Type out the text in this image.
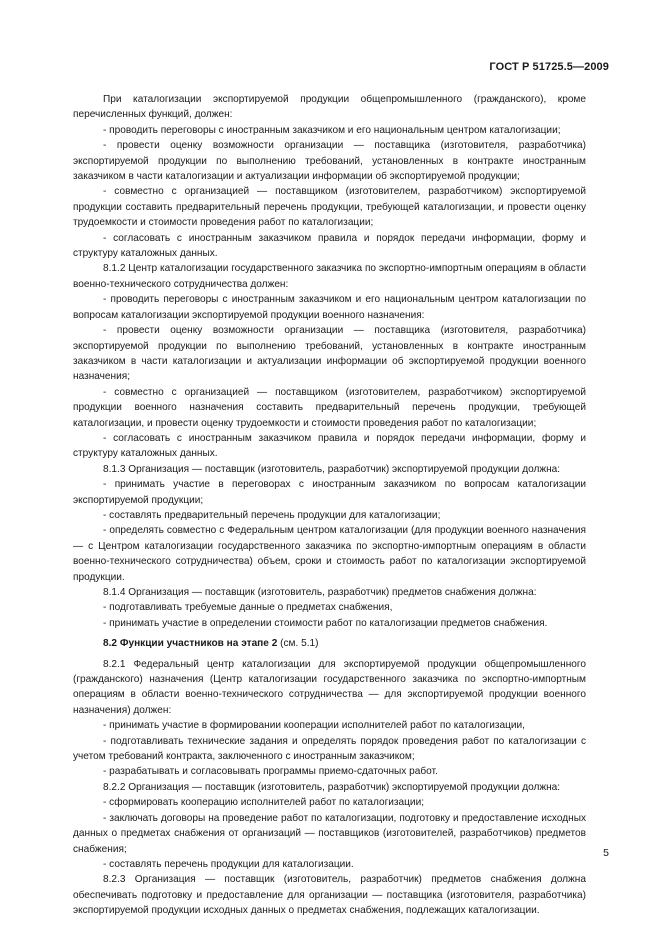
ГОСТ Р 51725.5—2009

При каталогизации экспортируемой продукции общепромышленного (гражданского), кроме перечисленных функций, должен:

- проводить переговоры с иностранным заказчиком и его национальным центром каталогизации;

- провести оценку возможности организации — поставщика (изготовителя, разработчика) экспортируемой продукции по выполнению требований, установленных в контракте иностранным заказчиком в части каталогизации и актуализации информации об экспортируемой продукции;

- совместно с организацией — поставщиком (изготовителем, разработчиком) экспортируемой продукции составить предварительный перечень продукции, требующей каталогизации, и провести оценку трудоемкости и стоимости проведения работ по каталогизации;

- согласовать с иностранным заказчиком правила и порядок передачи информации, форму и структуру каталожных данных.

8.1.2 Центр каталогизации государственного заказчика по экспортно-импортным операциям в области военно-технического сотрудничества должен:

- проводить переговоры с иностранным заказчиком и его национальным центром каталогизации по вопросам каталогизации экспортируемой продукции военного назначения:

- провести оценку возможности организации — поставщика (изготовителя, разработчика) экспортируемой продукции по выполнению требований, установленных в контракте иностранным заказчиком в части каталогизации и актуализации информации об экспортируемой продукции военного назначения;

- совместно с организацией — поставщиком (изготовителем, разработчиком) экспортируемой продукции военного назначения составить предварительный перечень продукции, требующей каталогизации, и провести оценку трудоемкости и стоимости проведения работ по каталогизации;

- согласовать с иностранным заказчиком правила и порядок передачи информации, форму и структуру каталожных данных.

8.1.3 Организация — поставщик (изготовитель, разработчик) экспортируемой продукции должна:

- принимать участие в переговорах с иностранным заказчиком по вопросам каталогизации экспортируемой продукции;

- составлять предварительный перечень продукции для каталогизации;

- определять совместно с Федеральным центром каталогизации (для продукции военного назначения — с Центром каталогизации государственного заказчика по экспортно-импортным операциям в области военно-технического сотрудничества) объем, сроки и стоимость работ по каталогизации экспортируемой продукции.

8.1.4 Организация — поставщик (изготовитель, разработчик) предметов снабжения должна:

- подготавливать требуемые данные о предметах снабжения,

- принимать участие в определении стоимости работ по каталогизации предметов снабжения.

8.2 Функции участников на этапе 2 (см. 5.1)

8.2.1 Федеральный центр каталогизации для экспортируемой продукции общепромышленного (гражданского) назначения (Центр каталогизации государственного заказчика по экспортно-импортным операциям в области военно-технического сотрудничества — для экспортируемой продукции военного назначения) должен:

- принимать участие в формировании кооперации исполнителей работ по каталогизации,

- подготавливать технические задания и определять порядок проведения работ по каталогизации с учетом требований контракта, заключенного с иностранным заказчиком;

- разрабатывать и согласовывать программы приемо-сдаточных работ.

8.2.2 Организация — поставщик (изготовитель, разработчик) экспортируемой продукции должна:

- сформировать кооперацию исполнителей работ по каталогизации;

- заключать договоры на проведение работ по каталогизации, подготовку и предоставление исходных данных о предметах снабжения от организаций — поставщиков (изготовителей, разработчиков) предметов снабжения;

- составлять перечень продукции для каталогизации.

8.2.3 Организация — поставщик (изготовитель, разработчик) предметов снабжения должна обеспечивать подготовку и предоставление для организации — поставщика (изготовителя, разработчика) экспортируемой продукции исходных данных о предметах снабжения, подлежащих каталогизации.

5
